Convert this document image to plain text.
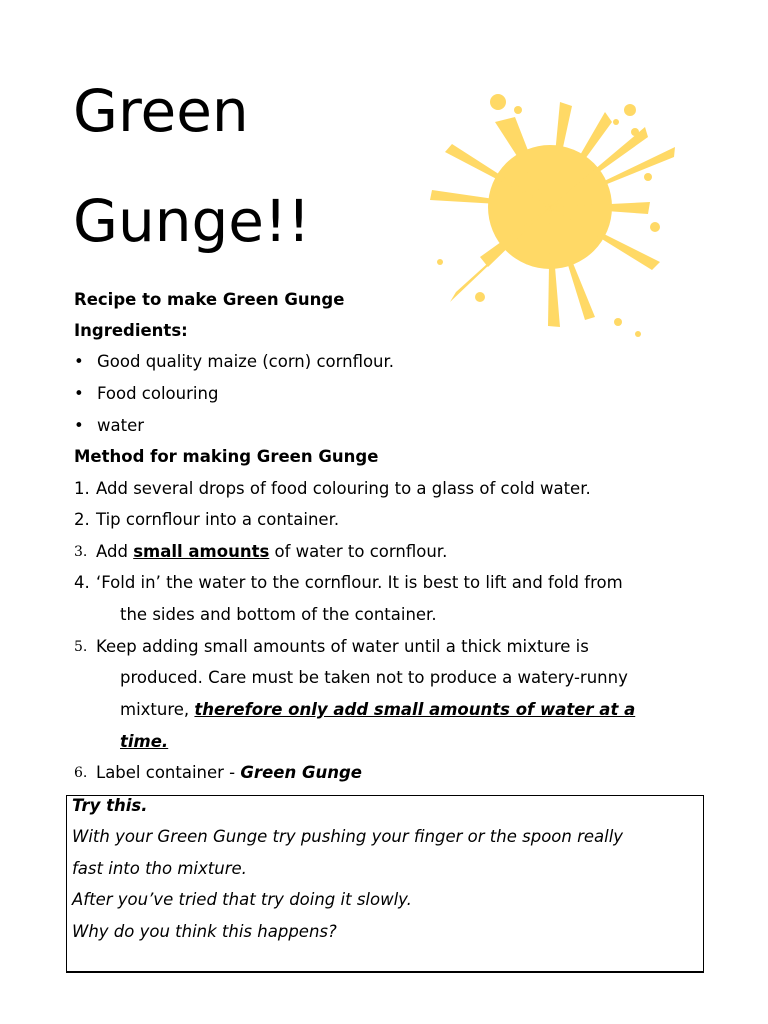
Green
Gunge!!
Recipe to make Green Gunge
Ingredients:
• Good quality maize (corn) cornflour.
• Food colouring
• water
Method for making Green Gunge
1. Add several drops of food colouring to a glass of cold water.
2. Tip cornflour into a container.
3. Add small amounts of water to cornflour.
4. ‘Fold in’ the water to the cornflour. It is best to lift and fold from
the sides and bottom of the container.
5. Keep adding small amounts of water until a thick mixture is
produced. Care must be taken not to produce a watery-runny
mixture, therefore only add small amounts of water at a
time.
6. Label container - Green Gunge
Try this.
With your Green Gunge try pushing your finger or the spoon really
fast into tho mixture.
After you’ve tried that try doing it slowly.
Why do you think this happens?
